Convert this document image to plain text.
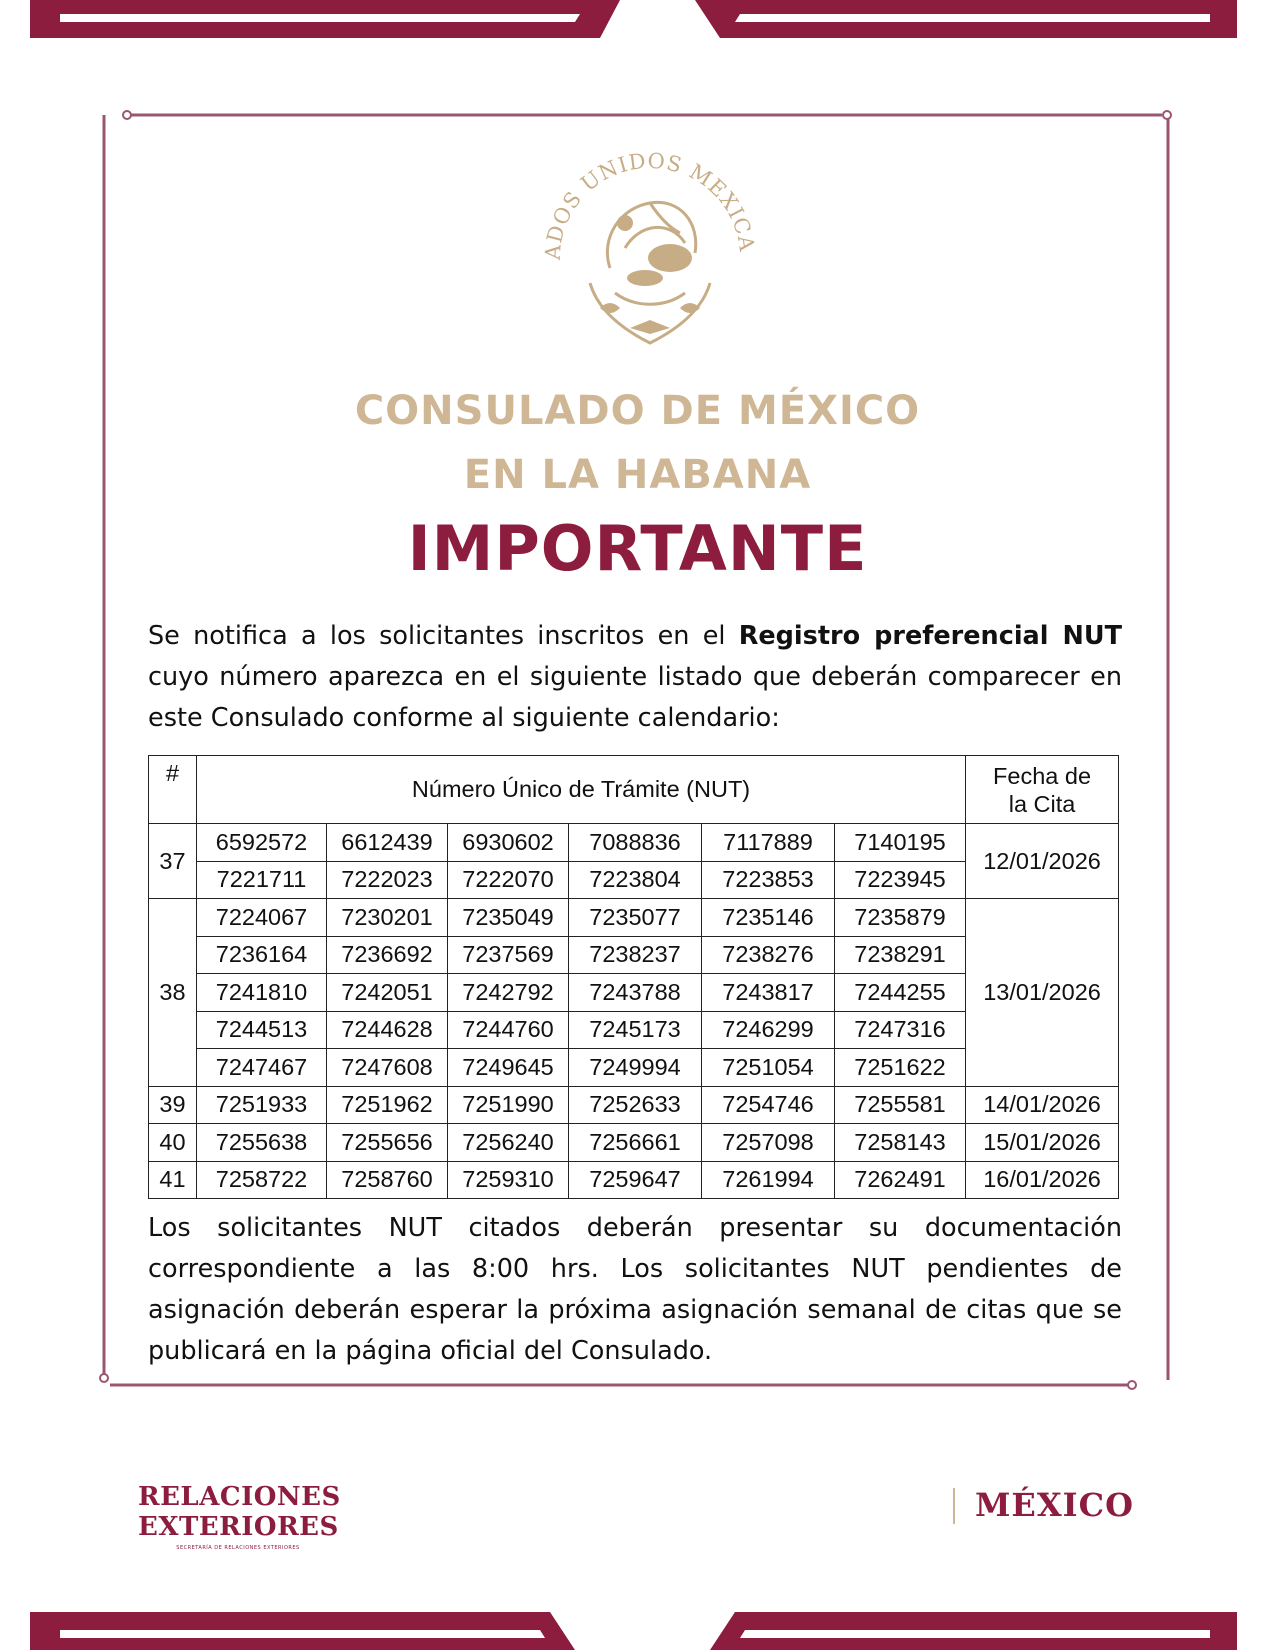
ADOS UNIDOS MEXICA
CONSULADO DE MÉXICO
EN LA HABANA
IMPORTANTE

Se notifica a los solicitantes inscritos en el Registro preferencial NUT cuyo número aparezca en el siguiente listado que deberán comparecer en este Consulado conforme al siguiente calendario:

#	Número Único de Trámite (NUT)						Fecha de
la Cita
37	6592572	6612439	6930602	7088836	7117889	7140195	12/01/2026
	7221711	7222023	7222070	7223804	7223853	7223945	
38	7224067	7230201	7235049	7235077	7235146	7235879	13/01/2026
	7236164	7236692	7237569	7238237	7238276	7238291	
	7241810	7242051	7242792	7243788	7243817	7244255	
	7244513	7244628	7244760	7245173	7246299	7247316	
	7247467	7247608	7249645	7249994	7251054	7251622	
39	7251933	7251962	7251990	7252633	7254746	7255581	14/01/2026
40	7255638	7255656	7256240	7256661	7257098	7258143	15/01/2026
41	7258722	7258760	7259310	7259647	7261994	7262491	16/01/2026

Los solicitantes NUT citados deberán presentar su documentación correspondiente a las 8:00 hrs. Los solicitantes NUT pendientes de asignación deberán esperar la próxima asignación semanal de citas que se publicará en la página oficial del Consulado.

RELACIONES
EXTERIORES
SECRETARÍA DE RELACIONES EXTERIORES

MÉXICO
